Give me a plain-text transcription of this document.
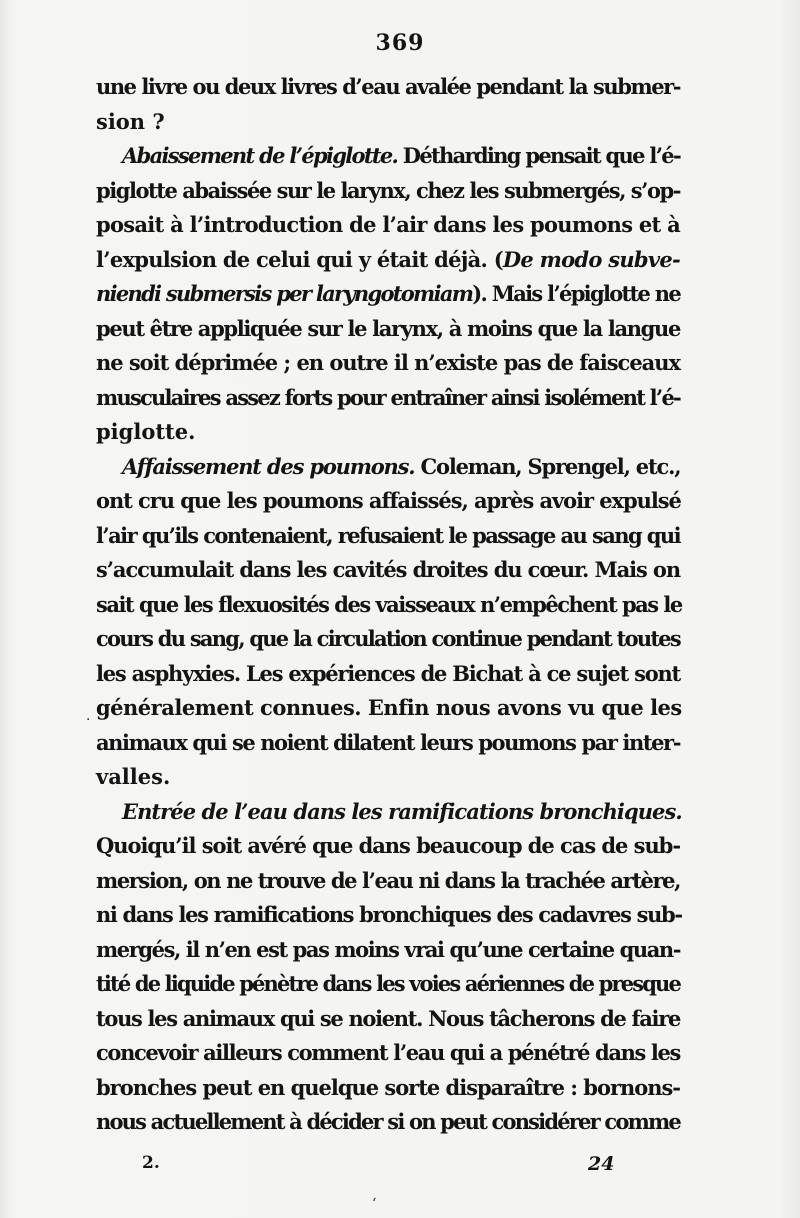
369
une livre ou deux livres d’eau avalée pendant la submer-
sion ?
Abaissement de l’épiglotte. Détharding pensait que l’é-
piglotte abaissée sur le larynx, chez les submergés, s’op-
posait à l’introduction de l’air dans les poumons et à
l’expulsion de celui qui y était déjà. (De modo subve-
niendi submersis per laryngotomiam). Mais l’épiglotte ne
peut être appliquée sur le larynx, à moins que la langue
ne soit déprimée ; en outre il n’existe pas de faisceaux
musculaires assez forts pour entraîner ainsi isolément l’é-
piglotte.
Affaissement des poumons. Coleman, Sprengel, etc.,
ont cru que les poumons affaissés, après avoir expulsé
l’air qu’ils contenaient, refusaient le passage au sang qui
s’accumulait dans les cavités droites du cœur. Mais on
sait que les flexuosités des vaisseaux n’empêchent pas le
cours du sang, que la circulation continue pendant toutes
les asphyxies. Les expériences de Bichat à ce sujet sont
généralement connues. Enfin nous avons vu que les
animaux qui se noient dilatent leurs poumons par inter-
valles.
Entrée de l’eau dans les ramifications bronchiques.
Quoiqu’il soit avéré que dans beaucoup de cas de sub-
mersion, on ne trouve de l’eau ni dans la trachée artère,
ni dans les ramifications bronchiques des cadavres sub-
mergés, il n’en est pas moins vrai qu’une certaine quan-
tité de liquide pénètre dans les voies aériennes de presque
tous les animaux qui se noient. Nous tâcherons de faire
concevoir ailleurs comment l’eau qui a pénétré dans les
bronches peut en quelque sorte disparaître : bornons-
nous actuellement à décider si on peut considérer comme
2.	24
ʻ
·
